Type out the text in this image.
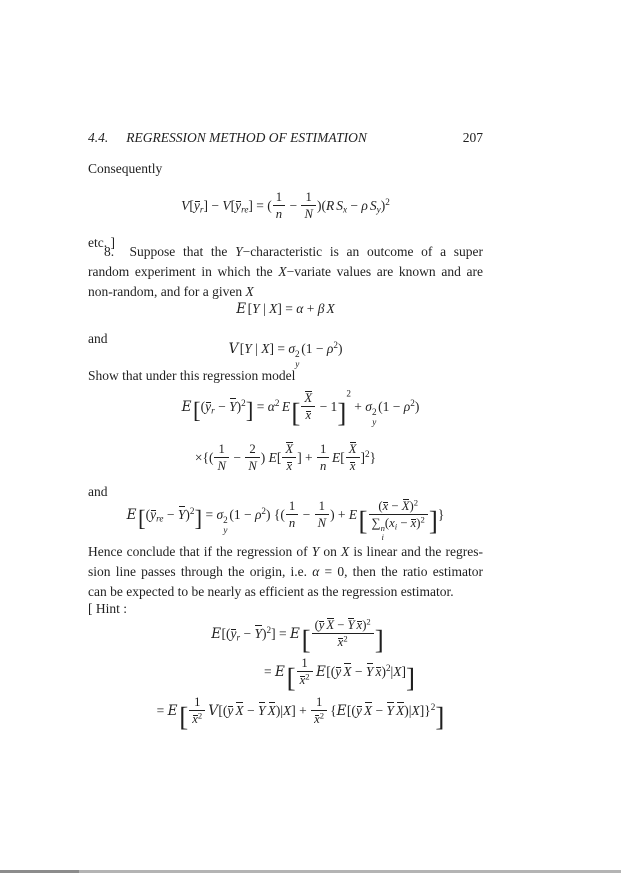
4.4. REGRESSION METHOD OF ESTIMATION	207
Consequently
$V[y_r] - V[y_{re}]$ = ( $\frac{1}{n} - \frac{1}{N} )(R$ $S_x - \rho$ $S_y)^2$
etc. ]
8.  Suppose that the Y−characteristic is an outcome of a super
random experiment in which the X−variate values are known and are
non-random, and for a given X
E[Y | X] = α + β X
and
V[Y | X] = σ 2
y
$(1 - \rho^2)$
Show that under this regression model
$E[(y_r - Y)^2] = \alpha^2$ $E[ \frac{X}{x} - 1]^2 + \sigma$ 2
y
$(1 - \rho^2)$
×{( $\frac{1}{N} - \frac{2}{N}$ ) $E[ \frac{X}{x}$ ] + $\frac{1}{n} E[ \frac{X}{x} ]^2$}
and
$E[(y_{re} - Y)^2] = \sigma$ 2
y
$(1 - \rho^2)$ {( $\frac{1}{n} - \frac{1}{N}$ ) + E[ $(x - X)^2$
∑ n
i
$(x_i - x)^2$ ]}
Hence conclude that if the regression of Y on X is linear and the regres-
sion line passes through the origin, i.e. α = 0, then the ratio estimator
can be expected to be nearly as efficient as the regression estimator.
[ Hint :
$E[(y_r - Y)^2] = E[ \frac{(y X - Y x)^2}{x^2}$ ]
= $E[ \frac{1}{x^2} E[(y$ X − Y x)$^2$|X]]
= $E[ \frac{1}{x^2} V[(y$ X − Y $X)|X] + \frac{1}{x^2} \{E[(y$ X − Y X)|X]}$^2$]
